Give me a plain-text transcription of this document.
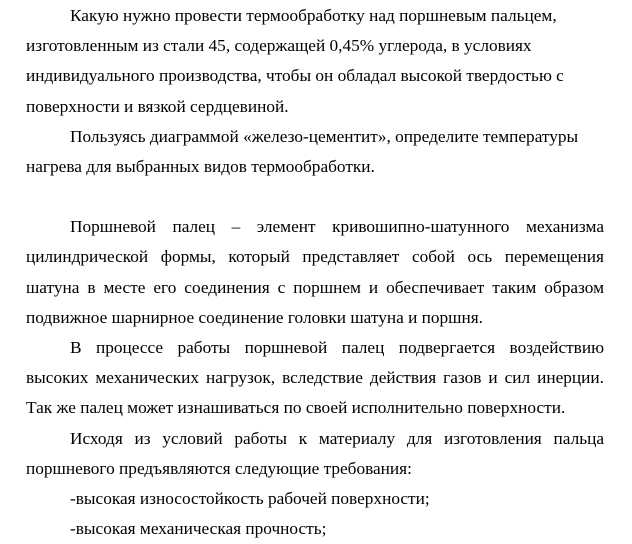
Какую нужно провести термообработку над поршневым пальцем, изготовленным из стали 45, содержащей 0,45% углерода, в условиях индивидуального производства, чтобы он обладал высокой твердостью с поверхности и вязкой сердцевиной.

Пользуясь диаграммой «железо-цементит», определите температуры нагрева для выбранных видов термообработки.

Поршневой палец – элемент кривошипно-шатунного механизма цилиндрической формы, который представляет собой ось перемещения шатуна в месте его соединения с поршнем и обеспечивает таким образом подвижное шарнирное соединение головки шатуна и поршня.

В процессе работы поршневой палец подвергается воздействию высоких механических нагрузок, вследствие действия газов и сил инерции. Так же палец может изнашиваться по своей исполнительно поверхности.

Исходя из условий работы к материалу для изготовления пальца поршневого предъявляются следующие требования:

-высокая износостойкость рабочей поверхности;

-высокая механическая прочность;
